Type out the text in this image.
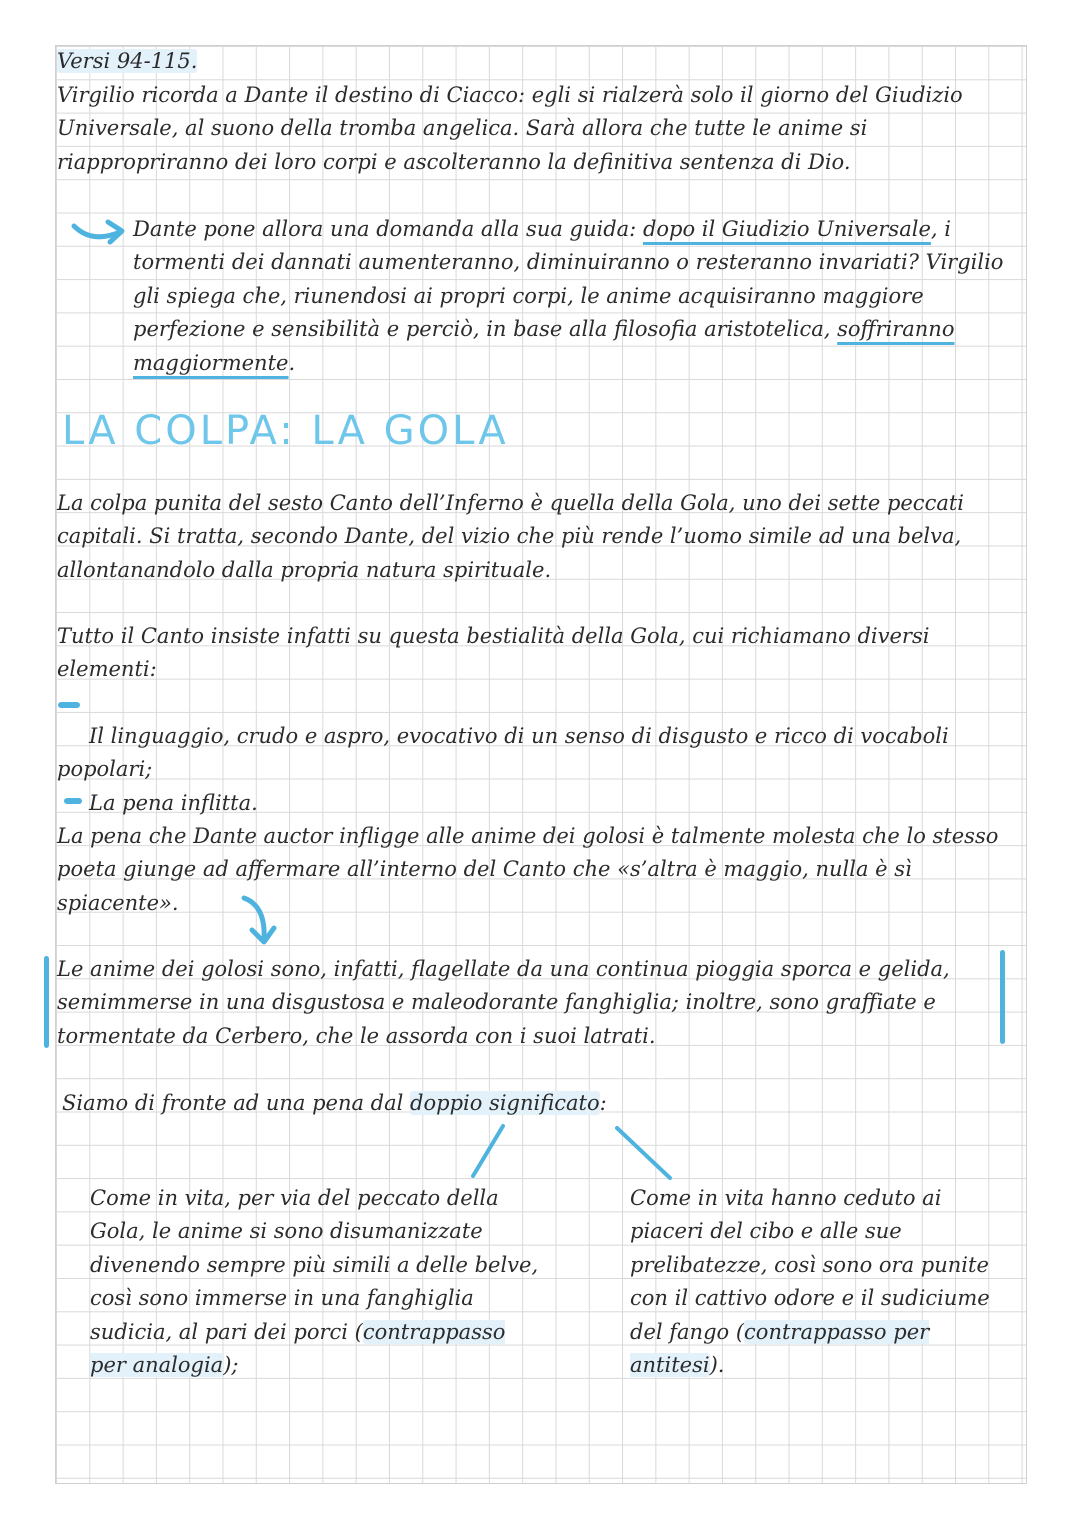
Versi 94-115.

Virgilio ricorda a Dante il destino di Ciacco: egli si rialzerà solo il giorno del Giudizio Universale, al suono della tromba angelica. Sarà allora che tutte le anime si riappropriranno dei loro corpi e ascolteranno la definitiva sentenza di Dio.

Dante pone allora una domanda alla sua guida: dopo il Giudizio Universale, i tormenti dei dannati aumenteranno, diminuiranno o resteranno invariati? Virgilio gli spiega che, riunendosi ai propri corpi, le anime acquisiranno maggiore perfezione e sensibilità e perciò, in base alla filosofia aristotelica, soffriranno maggiormente.

LA COLPA: LA GOLA

La colpa punita del sesto Canto dell’Inferno è quella della Gola, uno dei sette peccati capitali. Si tratta, secondo Dante, del vizio che più rende l’uomo simile ad una belva, allontanandolo dalla propria natura spirituale.

Tutto il Canto insiste infatti su questa bestialità della Gola, cui richiamano diversi elementi:

Il linguaggio, crudo e aspro, evocativo di un senso di disgusto e ricco di vocaboli popolari;

La pena inflitta.

La pena che Dante auctor infligge alle anime dei golosi è talmente molesta che lo stesso poeta giunge ad affermare all’interno del Canto che «s’altra è maggio, nulla è sì spiacente».

Le anime dei golosi sono, infatti, flagellate da una continua pioggia sporca e gelida, semimmerse in una disgustosa e maleodorante fanghiglia; inoltre, sono graffiate e tormentate da Cerbero, che le assorda con i suoi latrati.

Siamo di fronte ad una pena dal doppio significato:

Come in vita, per via del peccato della Gola, le anime si sono disumanizzate divenendo sempre più simili a delle belve, così sono immerse in una fanghiglia sudicia, al pari dei porci (contrappasso per analogia);

Come in vita hanno ceduto ai piaceri del cibo e alle sue prelibatezze, così sono ora punite con il cattivo odore e il sudiciume del fango (contrappasso per antitesi).
